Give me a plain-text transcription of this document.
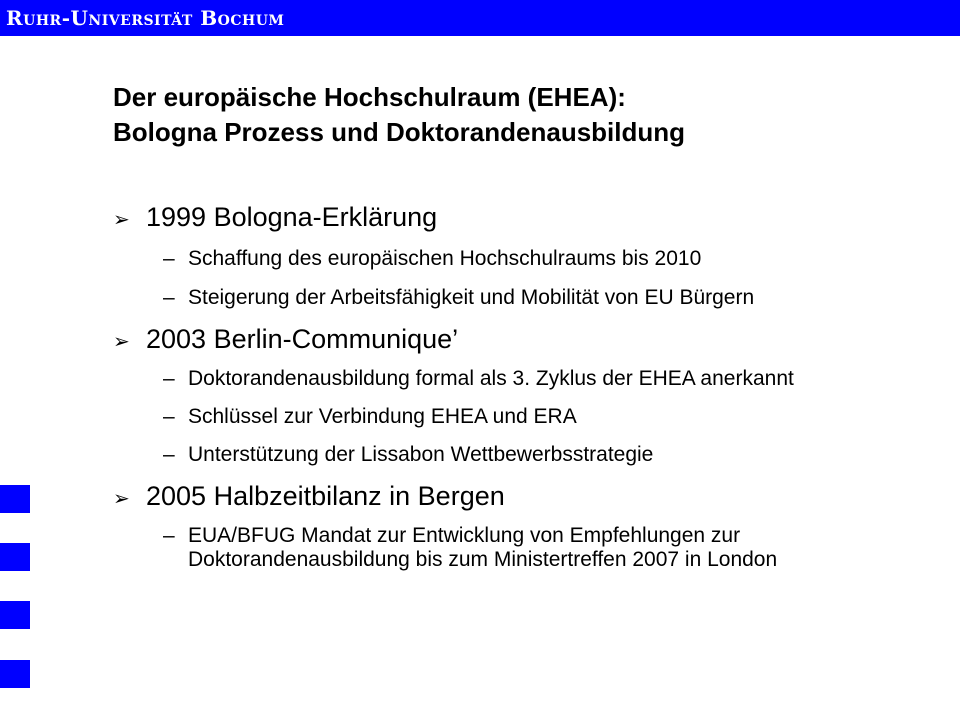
Ruhr-Universität Bochum
Der europäische Hochschulraum (EHEA):
Bologna Prozess und Doktorandenausbildung
➢ 1999 Bologna-Erklärung
– Schaffung des europäischen Hochschulraums bis 2010
– Steigerung der Arbeitsfähigkeit und Mobilität von EU Bürgern
➢ 2003 Berlin-Communique’
– Doktorandenausbildung formal als 3. Zyklus der EHEA anerkannt
– Schlüssel zur Verbindung EHEA und ERA
– Unterstützung der Lissabon Wettbewerbsstrategie
➢ 2005 Halbzeitbilanz in Bergen
– EUA/BFUG Mandat zur Entwicklung von Empfehlungen zur Doktorandenausbildung bis zum Ministertreffen 2007 in London
